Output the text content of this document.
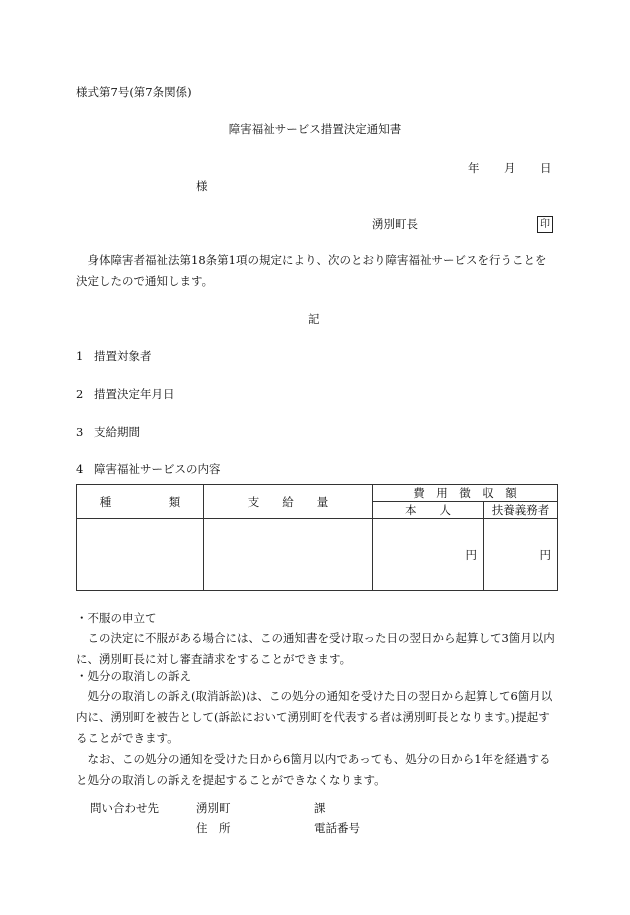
様式第7号(第7条関係)
障害福祉サービス措置決定通知書
年 月 日
様
湧別町長	印
身体障害者福祉法第18条第1項の規定により、次のとおり障害福祉サービスを行うことを決定したので通知します。
記
1 措置対象者
2 措置決定年月日
3 支給期間
4 障害福祉サービスの内容
種　　　　　類	支　　給　　量	費　用　徴　収　額	
		本　　人	扶養義務者
		円	円
・不服の申立て
この決定に不服がある場合には、この通知書を受け取った日の翌日から起算して3箇月以内に、湧別町長に対し審査請求をすることができます。
・処分の取消しの訴え
処分の取消しの訴え(取消訴訟)は、この処分の通知を受けた日の翌日から起算して6箇月以内に、湧別町を被告として(訴訟において湧別町を代表する者は湧別町長となります。)提起することができます。
なお、この処分の通知を受けた日から6箇月以内であっても、処分の日から1年を経過すると処分の取消しの訴えを提起することができなくなります。
問い合わせ先	湧別町	課
住　所	電話番号
